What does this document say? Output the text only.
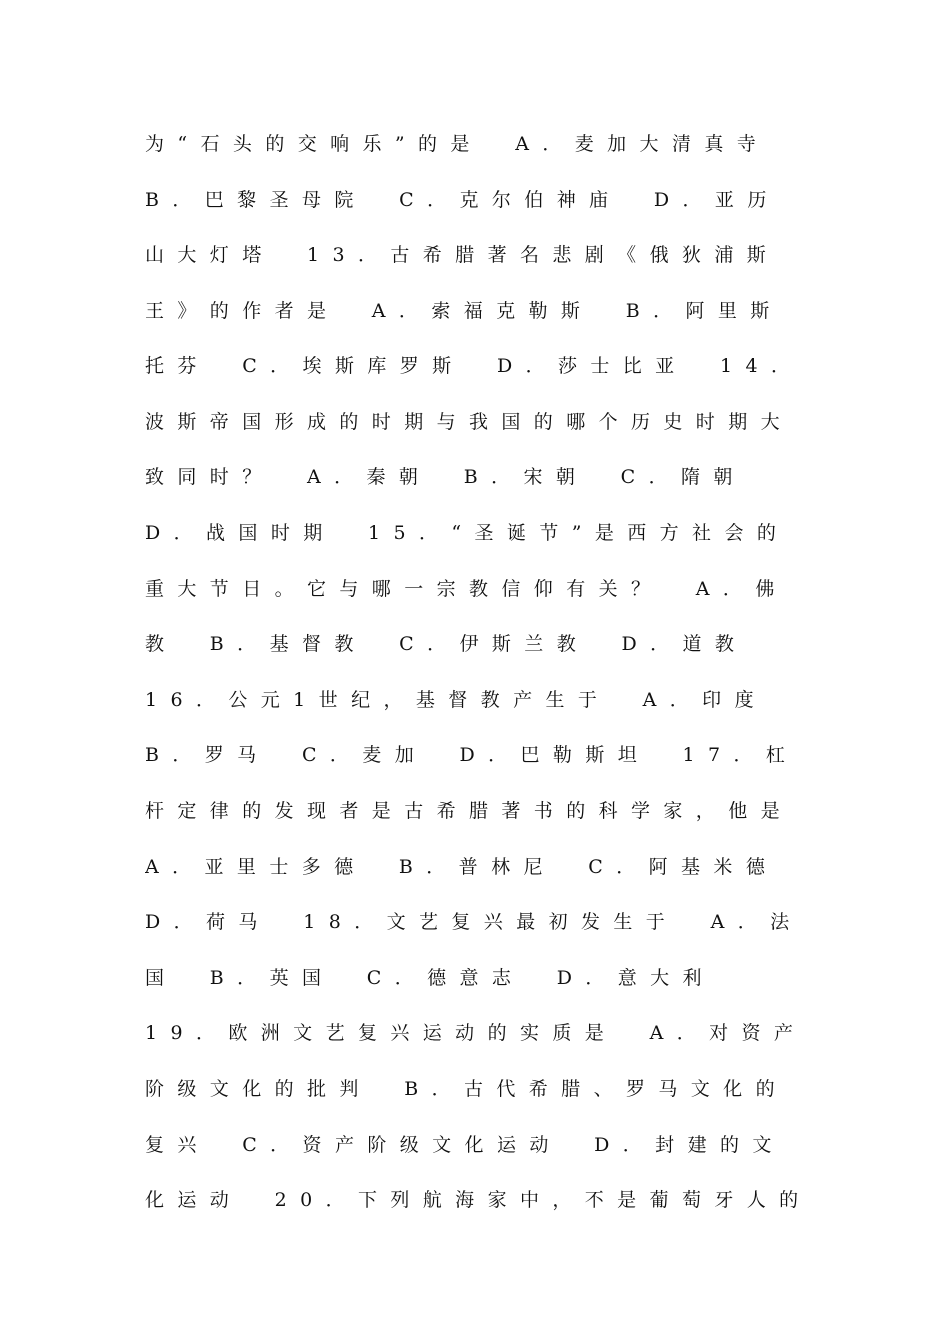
为“石头的交响乐”的是　A．麦加大清真寺
B．巴黎圣母院　C．克尔伯神庙　D．亚历
山大灯塔　13．古希腊著名悲剧《俄狄浦斯
王》的作者是　A．索福克勒斯　B．阿里斯
托芬　C．埃斯库罗斯　D．莎士比亚　14．
波斯帝国形成的时期与我国的哪个历史时期大
致同时？　A．秦朝　B．宋朝　C．隋朝
D．战国时期　15．“圣诞节”是西方社会的
重大节日。它与哪一宗教信仰有关？　A．佛
教　B．基督教　C．伊斯兰教　D．道教
16．公元1世纪，基督教产生于　A．印度
B．罗马　C．麦加　D．巴勒斯坦　17．杠
杆定律的发现者是古希腊著书的科学家，他是
A．亚里士多德　B．普林尼　C．阿基米德
D．荷马　18．文艺复兴最初发生于　A．法
国　B．英国　C．德意志　D．意大利
19．欧洲文艺复兴运动的实质是　A．对资产
阶级文化的批判　B．古代希腊、罗马文化的
复兴　C．资产阶级文化运动　D．封建的文
化运动　20．下列航海家中，不是葡萄牙人的
